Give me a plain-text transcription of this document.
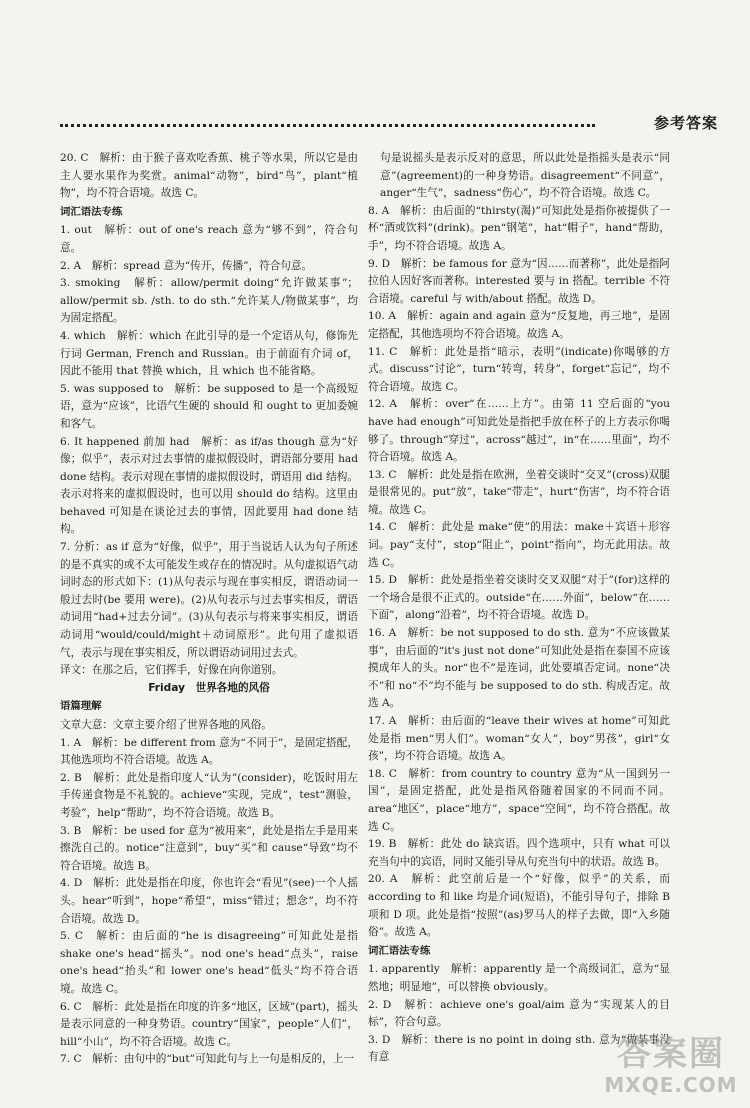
参考答案

20. C　解析：由于猴子喜欢吃香蕉、桃子等水果，所以它是由主人要水果作为奖赏。animal“动物”，bird“鸟”，plant“植物”，均不符合语境。故选 C。

词汇语法专练

1. out　解析：out of one's reach 意为“够不到”，符合句意。

2. A　解析：spread 意为“传开，传播”，符合句意。

3. smoking　解析：allow/permit doing“允许做某事”；allow/permit sb. /sth. to do sth.“允许某人/物做某事”，均为固定搭配。

4. which　解析：which 在此引导的是一个定语从句，修饰先行词 German, French and Russian。由于前面有介词 of，因此不能用 that 替换 which，且 which 也不能省略。

5. was supposed to　解析：be supposed to 是一个高级短语，意为“应该”，比语气生硬的 should 和 ought to 更加委婉和客气。

6. It happened 前加 had　解析：as if/as though 意为“好像；似乎”，表示对过去事情的虚拟假设时，谓语部分要用 had done 结构。表示对现在事情的虚拟假设时，谓语用 did 结构。表示对将来的虚拟假设时，也可以用 should do 结构。这里由 behaved 可知是在谈论过去的事情，因此要用 had done 结构。

7. 分析：as if 意为“好像，似乎”，用于当说话人认为句子所述的是不真实的或不太可能发生或存在的情况时。从句虚拟语气动词时态的形式如下：(1)从句表示与现在事实相反，谓语动词一般过去时(be 要用 were)。(2)从句表示与过去事实相反，谓语动词用“had+过去分词”。(3)从句表示与将来事实相反，谓语动词用“would/could/might＋动词原形”。此句用了虚拟语气，表示与现在事实相反，所以谓语动词用过去式。

译文：在那之后，它们挥手，好像在向你道别。

Friday　世界各地的风俗

语篇理解

文章大意：文章主要介绍了世界各地的风俗。

1. A　解析：be different from 意为“不同于”，是固定搭配，其他选项均不符合语境。故选 A。

2. B　解析：此处是指印度人“认为”(consider)，吃饭时用左手传递食物是不礼貌的。achieve“实现，完成”，test“测验，考验”，help“帮助”，均不符合语境。故选 B。

3. B　解析：be used for 意为“被用来”，此处是指左手是用来擦洗自己的。notice“注意到”，buy“买”和 cause“导致”均不符合语境。故选 B。

4. D　解析：此处是指在印度，你也许会“看见”(see)一个人摇头。hear“听到”，hope“希望”，miss“错过；想念”，均不符合语境。故选 D。

5. C　解析：由后面的“he is disagreeing”可知此处是指 shake one's head“摇头”。nod one's head“点头”，raise one's head“抬头”和 lower one's head“低头”均不符合语境。故选 C。

6. C　解析：此处是指在印度的许多“地区，区域”(part)，摇头是表示同意的一种身势语。country“国家”，people“人们”，hill“小山”，均不符合语境。故选 C。

7. C　解析：由句中的“but”可知此句与上一句是相反的，上一

句是说摇头是表示反对的意思，所以此处是指摇头是表示“同意”(agreement)的一种身势语。disagreement“不同意”，anger“生气”，sadness“伤心”，均不符合语境。故选 C。

8. A　解析：由后面的“thirsty(渴)”可知此处是指你被提供了一杯“酒或饮料”(drink)。pen“钢笔”，hat“帽子”，hand“帮助，手”，均不符合语境。故选 A。

9. D　解析：be famous for 意为“因……而著称”，此处是指阿拉伯人因好客而著称。interested 要与 in 搭配。terrible 不符合语境。careful 与 with/about 搭配。故选 D。

10. A　解析：again and again 意为“反复地，再三地”，是固定搭配，其他选项均不符合语境。故选 A。

11. C　解析：此处是指“暗示，表明”(indicate)你喝够的方式。discuss“讨论”，turn“转弯，转身”，forget“忘记”，均不符合语境。故选 C。

12. A　解析：over“在……上方”。由第 11 空后面的“you have had enough”可知此处是指把手放在杯子的上方表示你喝够了。through“穿过”，across“越过”，in“在……里面”，均不符合语境。故选 A。

13. C　解析：此处是指在欧洲，坐着交谈时“交叉”(cross)双腿是很常见的。put“放”，take“带走”，hurt“伤害”，均不符合语境。故选 C。

14. C　解析：此处是 make“使”的用法：make＋宾语＋形容词。pay“支付”，stop“阻止”，point“指向”，均无此用法。故选 C。

15. D　解析：此处是指坐着交谈时交叉双腿“对于”(for)这样的一个场合是很不正式的。outside“在……外面”，below“在……下面”，along“沿着”，均不符合语境。故选 D。

16. A　解析：be not supposed to do sth. 意为“不应该做某事”，由后面的“it's just not done”可知此处是指在泰国不应该摸成年人的头。nor“也不”是连词，此处要填否定词。none“决不”和 no“不”均不能与 be supposed to do sth. 构成否定。故选 A。

17. A　解析：由后面的“leave their wives at home”可知此处是指 men“男人们”。woman“女人”，boy“男孩”，girl“女孩”，均不符合语境。故选 A。

18. C　解析：from country to country 意为“从一国到另一国”，是固定搭配，此处是指风俗随着国家的不同而不同。area“地区”，place“地方”，space“空间”，均不符合搭配。故选 C。

19. B　解析：此处 do 缺宾语。四个选项中，只有 what 可以充当句中的宾语，同时又能引导从句充当句中的状语。故选 B。

20. A　解析：此空前后是一个“好像，似乎”的关系，而 according to 和 like 均是介词(短语)，不能引导句子，排除 B 项和 D 项。此处是指“按照”(as)罗马人的样子去做，即“入乡随俗”。故选 A。

词汇语法专练

1. apparently　解析：apparently 是一个高级词汇，意为“显然地；明显地”，可以替换 obviously。

2. D　解析：achieve one's goal/aim 意为“实现某人的目标”，符合句意。

3. D　解析：there is no point in doing sth. 意为“做某事没有意	答案圈
MXQE.COM
